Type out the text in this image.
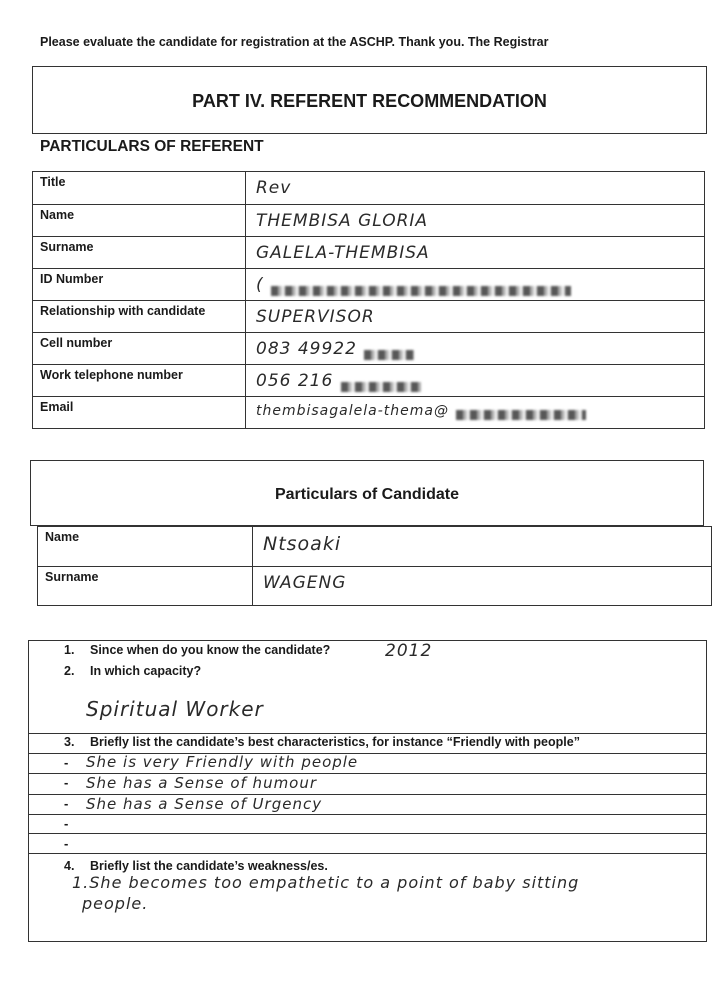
Please evaluate the candidate for registration at the ASCHP. Thank you. The Registrar
PART IV. REFERENT RECOMMENDATION
PARTICULARS OF REFERENT
Title	Rev

Name	THEMBISA GLORIA

Surname	GALELA-THEMBISA

ID Number	(

Relationship with candidate	SUPERVISOR

Cell number	083 49922

Work telephone number	056 216

Email	thembisagalela-thema@
Particulars of Candidate
Name	Ntsoaki

Surname	WAGENG
1. Since when do you know the candidate?	2012
2. In which capacity?
Spiritual Worker
3. Briefly list the candidate’s best characteristics, for instance “Friendly with people”
- She is very Friendly with people
- She has a Sense of humour
- She has a Sense of Urgency
-
-
4. Briefly list the candidate’s weakness/es.
1.She becomes too empathetic to a point of baby sitting
people.
